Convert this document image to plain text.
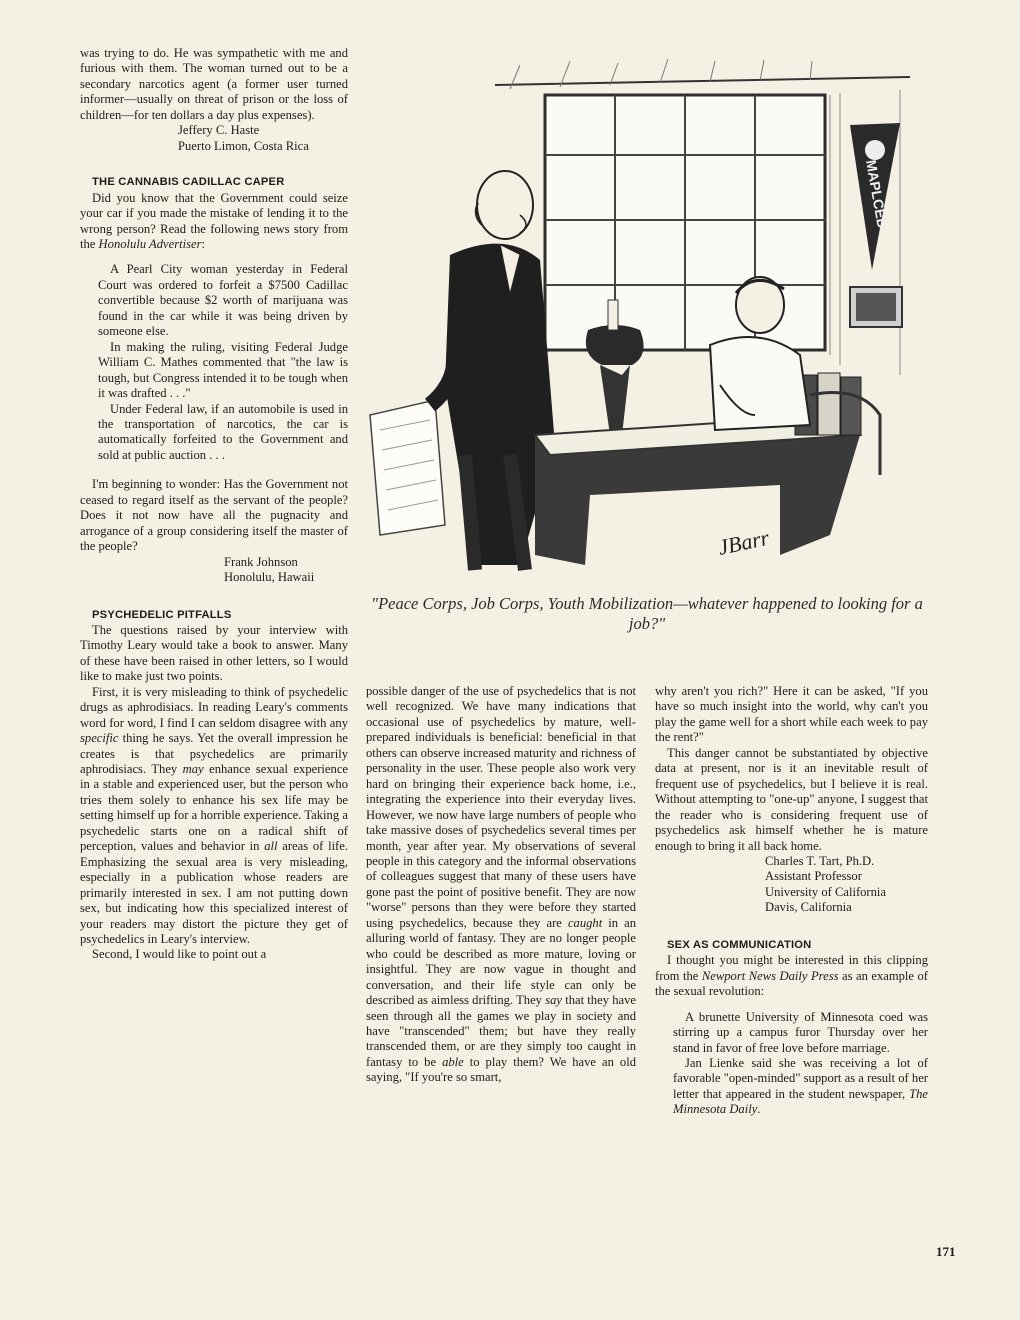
was trying to do. He was sympathetic with me and furious with them. The woman turned out to be a secondary narcotics agent (a former user turned informer—usually on threat of prison or the loss of children—for ten dollars a day plus expenses).

Jeffery C. Haste
Puerto Limon, Costa Rica

THE CANNABIS CADILLAC CAPER

Did you know that the Government could seize your car if you made the mistake of lending it to the wrong person? Read the following news story from the Honolulu Advertiser:

A Pearl City woman yesterday in Federal Court was ordered to forfeit a $7500 Cadillac convertible because $2 worth of marijuana was found in the car while it was being driven by someone else.

In making the ruling, visiting Federal Judge William C. Mathes commented that "the law is tough, but Congress intended it to be tough when it was drafted . . ."

Under Federal law, if an automobile is used in the transportation of narcotics, the car is automatically forfeited to the Government and sold at public auction . . .

I'm beginning to wonder: Has the Government not ceased to regard itself as the servant of the people? Does it not now have all the pugnacity and arrogance of a group considering itself the master of the people?

Frank Johnson
Honolulu, Hawaii

PSYCHEDELIC PITFALLS

The questions raised by your interview with Timothy Leary would take a book to answer. Many of these have been raised in other letters, so I would like to make just two points.

First, it is very misleading to think of psychedelic drugs as aphrodisiacs. In reading Leary's comments word for word, I find I can seldom disagree with any specific thing he says. Yet the overall impression he creates is that psychedelics are primarily aphrodisiacs. They may enhance sexual experience in a stable and experienced user, but the person who tries them solely to enhance his sex life may be setting himself up for a horrible experience. Taking a psychedelic starts one on a radical shift of perception, values and behavior in all areas of life. Emphasizing the sexual area is very misleading, especially in a publication whose readers are primarily interested in sex. I am not putting down sex, but indicating how this specialized interest of your readers may distort the picture they get of psychedelics in Leary's interview.

Second, I would like to point out a

MAPLCED
JBarr
"Peace Corps, Job Corps, Youth Mobilization—whatever happened to looking for a job?"

possible danger of the use of psychedelics that is not well recognized. We have many indications that occasional use of psychedelics by mature, well-prepared individuals is beneficial: beneficial in that others can observe increased maturity and richness of personality in the user. These people also work very hard on bringing their experience back home, i.e., integrating the experience into their everyday lives. However, we now have large numbers of people who take massive doses of psychedelics several times per month, year after year. My observations of several people in this category and the informal observations of colleagues suggest that many of these users have gone past the point of positive benefit. They are now "worse" persons than they were before they started using psychedelics, because they are caught in an alluring world of fantasy. They are no longer people who could be described as more mature, loving or insightful. They are now vague in thought and conversation, and their life style can only be described as aimless drifting. They say that they have seen through all the games we play in society and have "transcended" them; but have they really transcended them, or are they simply too caught in fantasy to be able to play them? We have an old saying, "If you're so smart,

why aren't you rich?" Here it can be asked, "If you have so much insight into the world, why can't you play the game well for a short while each week to pay the rent?"

This danger cannot be substantiated by objective data at present, nor is it an inevitable result of frequent use of psychedelics, but I believe it is real. Without attempting to "one-up" anyone, I suggest that the reader who is considering frequent use of psychedelics ask himself whether he is mature enough to bring it all back home.

Charles T. Tart, Ph.D.
Assistant Professor
University of California
Davis, California

SEX AS COMMUNICATION

I thought you might be interested in this clipping from the Newport News Daily Press as an example of the sexual revolution:

A brunette University of Minnesota coed was stirring up a campus furor Thursday over her stand in favor of free love before marriage.

Jan Lienke said she was receiving a lot of favorable "open-minded" support as a result of her letter that appeared in the student newspaper, The Minnesota Daily.

171
